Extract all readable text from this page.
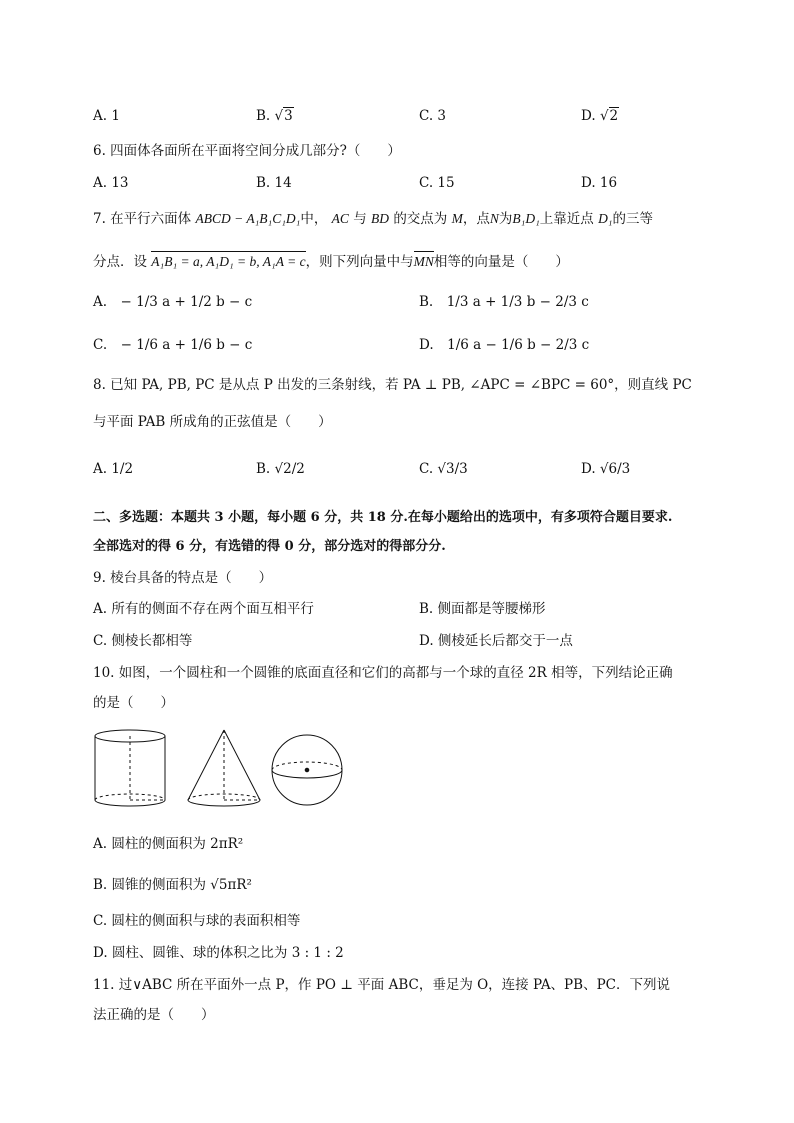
A. 1	B. √3	C. 3	D. √2
6. 四面体各面所在平面将空间分成几部分?（　　）
A. 13	B. 14	C. 15	D. 16
7. 在平行六面体 ABCD − A₁B₁C₁D₁中， AC 与 BD 的交点为 M，点N为B₁D₁上靠近点 D₁的三等
分点．设 A₁B₁ = a, A₁D₁ = b, A₁A = c，则下列向量中与MN相等的向量是（　　）
A.　− 1/3 a + 1/2 b − c	B.　1/3 a + 1/3 b − 2/3 c
C.　− 1/6 a + 1/6 b − c	D.　1/6 a − 1/6 b − 2/3 c
8. 已知 PA, PB, PC 是从点 P 出发的三条射线，若 PA ⊥ PB, ∠APC = ∠BPC = 60°，则直线 PC
与平面 PAB 所成角的正弦值是（　　）
A. 1/2	B. √2/2	C. √3/3	D. √6/3
二、多选题：本题共 3 小题，每小题 6 分，共 18 分.在每小题给出的选项中，有多项符合题目要求.
全部选对的得 6 分，有选错的得 0 分，部分选对的得部分分.
9. 棱台具备的特点是（　　）
A. 所有的侧面不存在两个面互相平行	B. 侧面都是等腰梯形
C. 侧棱长都相等	D. 侧棱延长后都交于一点
10. 如图，一个圆柱和一个圆锥的底面直径和它们的高都与一个球的直径 2R 相等，下列结论正确
的是（　　）
A. 圆柱的侧面积为 2πR²
B. 圆锥的侧面积为 √5πR²
C. 圆柱的侧面积与球的表面积相等
D. 圆柱、圆锥、球的体积之比为 3 : 1 : 2
11. 过∨ABC 所在平面外一点 P，作 PO ⊥ 平面 ABC，垂足为 O，连接 PA、PB、PC．下列说
法正确的是（　　）
